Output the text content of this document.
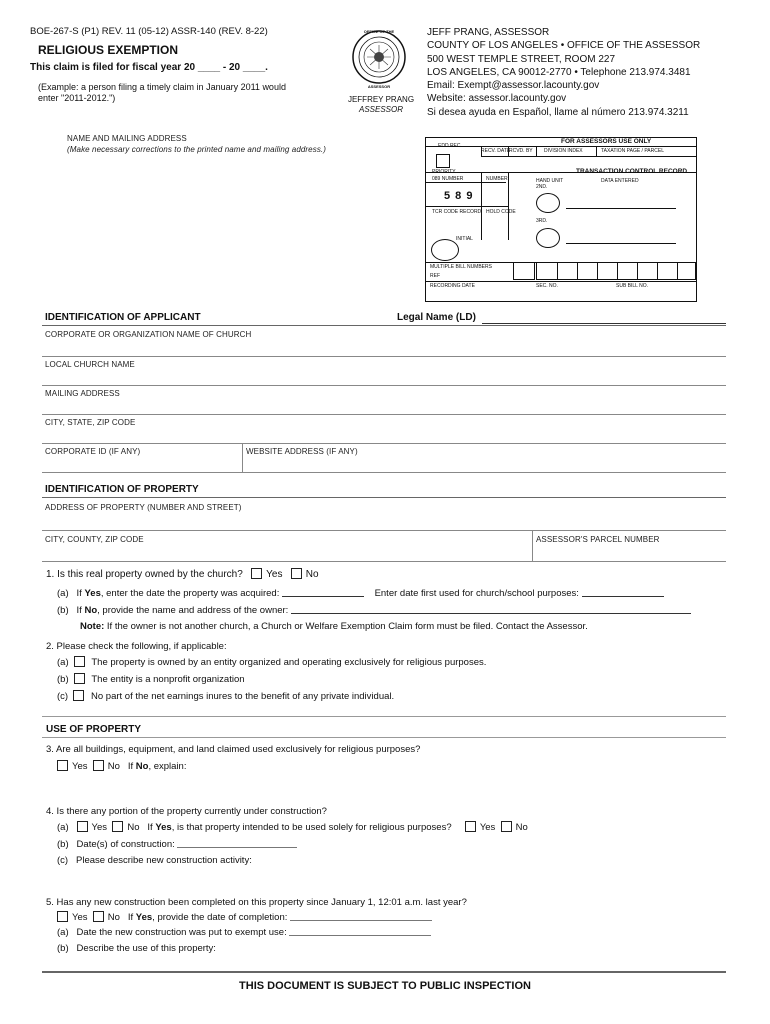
BOE-267-S (P1) REV. 11 (05-12) ASSR-140 (REV. 8-22)
RELIGIOUS EXEMPTION
This claim is filed for fiscal year 20 ____ - 20 ____.
(Example: a person filing a timely claim in January 2011 would
enter "2011-2012.")
OFFICE OF THE
ASSESSOR
JEFFREY PRANG
ASSESSOR
JEFF PRANG, ASSESSOR
COUNTY OF LOS ANGELES • OFFICE OF THE ASSESSOR
500 WEST TEMPLE STREET, ROOM 227
LOS ANGELES, CA 90012-2770 • Telephone 213.974.3481
Email: Exempt@assessor.lacounty.gov
Website: assessor.lacounty.gov
Si desea ayuda en Español, llame al número 213.974.3211
NAME AND MAILING ADDRESS
(Make necessary corrections to the printed name and mailing address.)
FOR ASSESSORS USE ONLY
EDD REC.
RECV. DATE
RCVD. BY DIVISION INDEX	TAXATION PAGE / PARCEL
PRIORITY	TRANSACTION CONTROL RECORD
089 NUMBER	NUMBER	HAND UNIT	DATA ENTERED
5 8 9
2ND.
TCR CODE RECORD HOLD CODE
3RD.
INITIAL
MULTIPLE BILL NUMBERS
REF
RECORDING DATE	SEC. NO.	SUB BILL NO.
IDENTIFICATION OF APPLICANT	Legal Name (LD)
CORPORATE OR ORGANIZATION NAME OF CHURCH
LOCAL CHURCH NAME
MAILING ADDRESS
CITY, STATE, ZIP CODE
CORPORATE ID (IF ANY)	WEBSITE ADDRESS (IF ANY)
IDENTIFICATION OF PROPERTY
ADDRESS OF PROPERTY (NUMBER AND STREET)
CITY, COUNTY, ZIP CODE	ASSESSOR'S PARCEL NUMBER
1. Is this real property owned by the church? Yes No
(a) If Yes, enter the date the property was acquired:	Enter date first used for church/school purposes:
(b) If No, provide the name and address of the owner:
Note: If the owner is not another church, a Church or Welfare Exemption Claim form must be filed. Contact the Assessor.
2. Please check the following, if applicable:
(a) The property is owned by an entity organized and operating exclusively for religious purposes.
(b) The entity is a nonprofit organization
(c) No part of the net earnings inures to the benefit of any private individual.
USE OF PROPERTY
3. Are all buildings, equipment, and land claimed used exclusively for religious purposes?
Yes No If No, explain:
4. Is there any portion of the property currently under construction?
(a) Yes No If Yes, is that property intended to be used solely for religious purposes?	Yes No
(b) Date(s) of construction:
(c) Please describe new construction activity:
5. Has any new construction been completed on this property since January 1, 12:01 a.m. last year?
Yes No If Yes, provide the date of completion:
(a) Date the new construction was put to exempt use:
(b) Describe the use of this property:
THIS DOCUMENT IS SUBJECT TO PUBLIC INSPECTION
